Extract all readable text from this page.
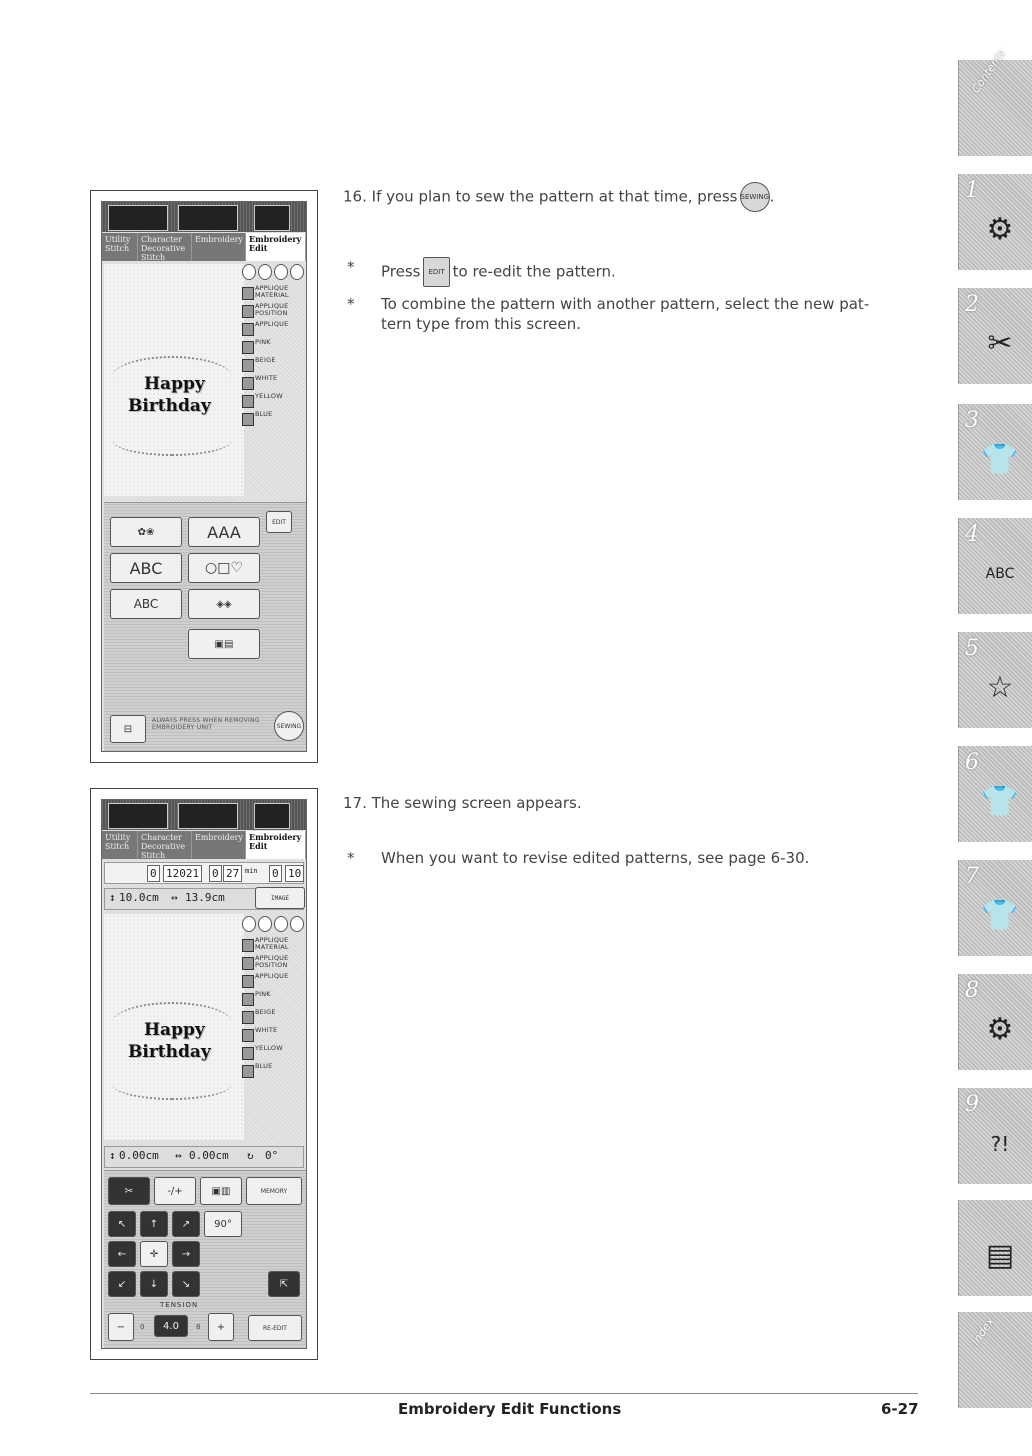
Utility Stitch
Character Decorative Stitch
Embroidery Embroidery Edit
Happy
Birthday
APPLIQUE MATERIAL
APPLIQUE POSITION
APPLIQUE
PINK
BEIGE
WHITE
YELLOW
BLUE
✿❀	AAA
EDIT
ABC	○□♡
ABC	◈◈
▣▤
⊟
ALWAYS PRESS WHEN REMOVING EMBROIDERY UNIT	SEWING
Utility Stitch
Character Decorative Stitch
Embroidery Embroidery Edit
0 12021 0 27 min 0 10
↕ 10.0cm ↔ 13.9cm	IMAGE
Happy
Birthday
APPLIQUE MATERIAL
APPLIQUE POSITION
APPLIQUE
PINK
BEIGE
WHITE
YELLOW
BLUE
↕ 0.00cm ↔ 0.00cm ↻ 0°
✂	-/+	▣▥	MEMORY
↖	↑	↗	90°
←	✛	→
↙	↓	↘	⇱
TENSION
−	0	4.0	8	+	RE-EDIT
16. If you plan to sew the pattern at that time, press SEWING.
* Press EDIT to re-edit the pattern.
* To combine the pattern with another pattern, select the new pat-
tern type from this screen.
17. The sewing screen appears.
* When you want to revise edited patterns, see page 6-30.
Contents
1
⚙
2
✂
3
👕
4
ABC
5
☆
6
👕
7
👕
8
⚙
9
?!
▤
Index
Embroidery Edit Functions	6-27
